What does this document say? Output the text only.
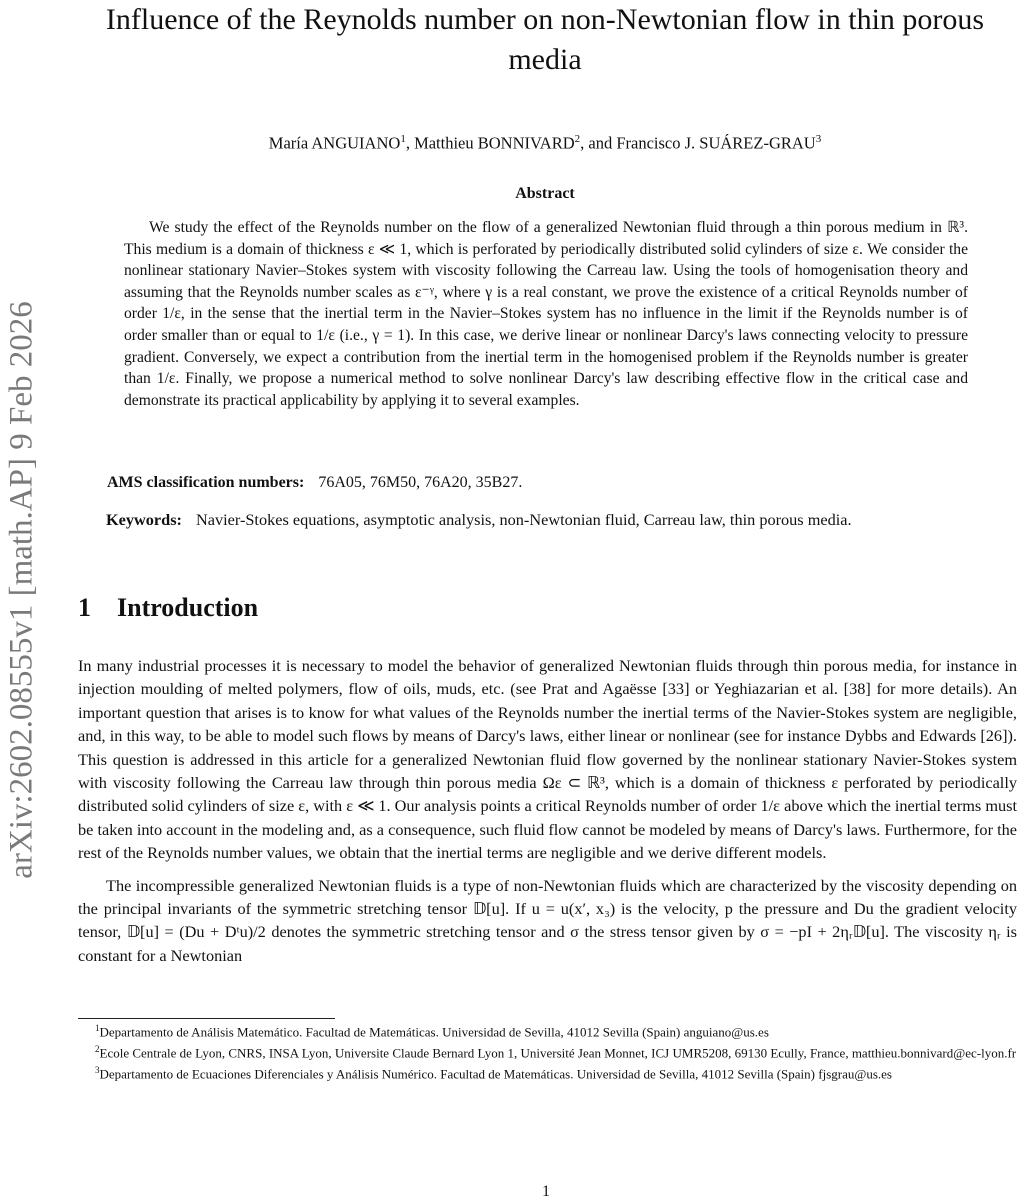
arXiv:2602.08555v1 [math.AP] 9 Feb 2026
Influence of the Reynolds number on non-Newtonian flow in thin porous media
María ANGUIANO$^1$, Matthieu BONNIVARD$^2$, and Francisco J. SUÁREZ-GRAU$^3$
Abstract
We study the effect of the Reynolds number on the flow of a generalized Newtonian fluid through a thin porous medium in ℝ³. This medium is a domain of thickness ε ≪ 1, which is perforated by periodically distributed solid cylinders of size ε. We consider the nonlinear stationary Navier–Stokes system with viscosity following the Carreau law. Using the tools of homogenisation theory and assuming that the Reynolds number scales as ε⁻ᵞ, where γ is a real constant, we prove the existence of a critical Reynolds number of order 1/ε, in the sense that the inertial term in the Navier–Stokes system has no influence in the limit if the Reynolds number is of order smaller than or equal to 1/ε (i.e., γ = 1). In this case, we derive linear or nonlinear Darcy's laws connecting velocity to pressure gradient. Conversely, we expect a contribution from the inertial term in the homogenised problem if the Reynolds number is greater than 1/ε. Finally, we propose a numerical method to solve nonlinear Darcy's law describing effective flow in the critical case and demonstrate its practical applicability by applying it to several examples.
AMS classification numbers: 76A05, 76M50, 76A20, 35B27.
Keywords: Navier-Stokes equations, asymptotic analysis, non-Newtonian fluid, Carreau law, thin porous media.
1 Introduction

In many industrial processes it is necessary to model the behavior of generalized Newtonian fluids through thin porous media, for instance in injection moulding of melted polymers, flow of oils, muds, etc. (see Prat and Agaësse [33] or Yeghiazarian et al. [38] for more details). An important question that arises is to know for what values of the Reynolds number the inertial terms of the Navier-Stokes system are negligible, and, in this way, to be able to model such flows by means of Darcy's laws, either linear or nonlinear (see for instance Dybbs and Edwards [26]). This question is addressed in this article for a generalized Newtonian fluid flow governed by the nonlinear stationary Navier-Stokes system with viscosity following the Carreau law through thin porous media Ωε ⊂ ℝ³, which is a domain of thickness ε perforated by periodically distributed solid cylinders of size ε, with ε ≪ 1. Our analysis points a critical Reynolds number of order 1/ε above which the inertial terms must be taken into account in the modeling and, as a consequence, such fluid flow cannot be modeled by means of Darcy's laws. Furthermore, for the rest of the Reynolds number values, we obtain that the inertial terms are negligible and we derive different models.

The incompressible generalized Newtonian fluids is a type of non-Newtonian fluids which are characterized by the viscosity depending on the principal invariants of the symmetric stretching tensor 𝔻[u]. If u = u(x′, x₃) is the velocity, p the pressure and Du the gradient velocity tensor, 𝔻[u] = (Du + Dᵗu)/2 denotes the symmetric stretching tensor and σ the stress tensor given by σ = −pI + 2ηᵣ𝔻[u]. The viscosity ηᵣ is constant for a Newtonian

$^1$Departamento de Análisis Matemático. Facultad de Matemáticas. Universidad de Sevilla, 41012 Sevilla (Spain) anguiano@us.es

$^2$Ecole Centrale de Lyon, CNRS, INSA Lyon, Universite Claude Bernard Lyon 1, Université Jean Monnet, ICJ UMR5208, 69130 Ecully, France, matthieu.bonnivard@ec-lyon.fr

$^3$Departamento de Ecuaciones Diferenciales y Análisis Numérico. Facultad de Matemáticas. Universidad de Sevilla, 41012 Sevilla (Spain) fjsgrau@us.es

1
